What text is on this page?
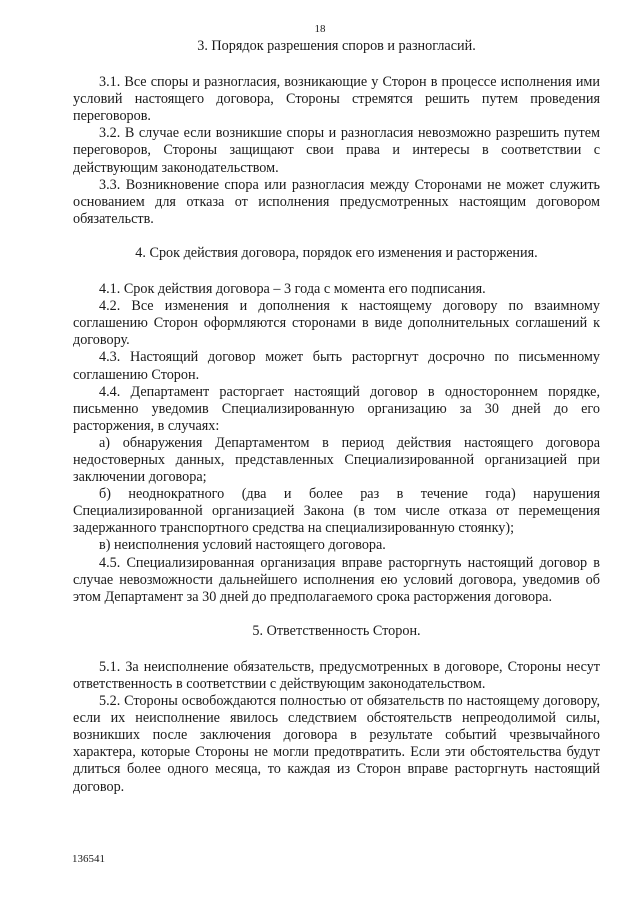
18

3. Порядок разрешения споров и разногласий.

3.1. Все споры и разногласия, возникающие у Сторон в процессе исполнения ими условий настоящего договора, Стороны стремятся решить путем проведения переговоров.

3.2. В случае если возникшие споры и разногласия невозможно разрешить путем переговоров, Стороны защищают свои права и интересы в соответствии с действующим законодательством.

3.3. Возникновение спора или разногласия между Сторонами не может служить основанием для отказа от исполнения предусмотренных настоящим договором обязательств.

4. Срок действия договора, порядок его изменения и расторжения.

4.1. Срок действия договора – 3 года с момента его подписания.

4.2. Все изменения и дополнения к настоящему договору по взаимному соглашению Сторон оформляются сторонами в виде дополнительных соглашений к договору.

4.3. Настоящий договор может быть расторгнут досрочно по письменному соглашению Сторон.

4.4. Департамент расторгает настоящий договор в одностороннем порядке, письменно уведомив Специализированную организацию за 30 дней до его расторжения, в случаях:

а) обнаружения Департаментом в период действия настоящего договора недостоверных данных, представленных Специализированной организацией при заключении договора;

б) неоднократного (два и более раз в течение года) нарушения Специализированной организацией Закона (в том числе отказа от перемещения задержанного транспортного средства на специализированную стоянку);

в) неисполнения условий настоящего договора.

4.5. Специализированная организация вправе расторгнуть настоящий договор в случае невозможности дальнейшего исполнения ею условий договора, уведомив об этом Департамент за 30 дней до предполагаемого срока расторжения договора.

5. Ответственность Сторон.

5.1. За неисполнение обязательств, предусмотренных в договоре, Стороны несут ответственность в соответствии с действующим законодательством.

5.2. Стороны освобождаются полностью от обязательств по настоящему договору, если их неисполнение явилось следствием обстоятельств непреодолимой силы, возникших после заключения договора в результате событий чрезвычайного характера, которые Стороны не могли предотвратить. Если эти обстоятельства будут длиться более одного месяца, то каждая из Сторон вправе расторгнуть настоящий договор.

136541
